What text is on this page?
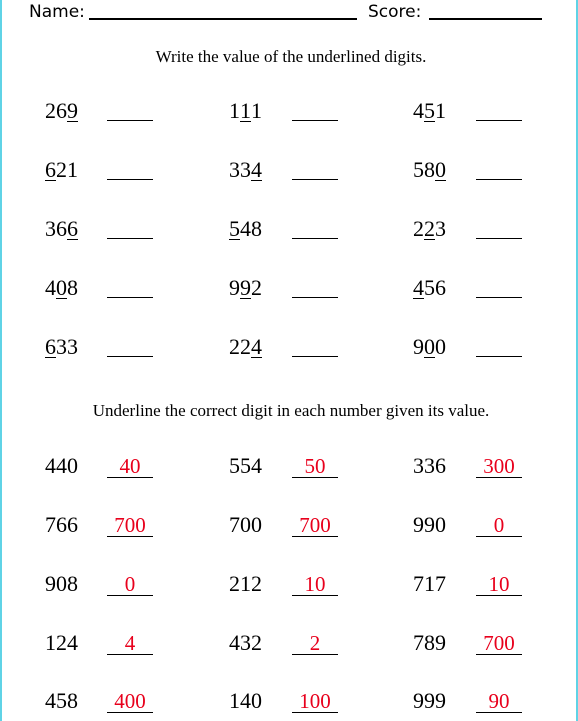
Name:	Score:
Write the value of the underlined digits.
269	111	451
621	334	580
366	548	223
408	992	456
633	224	900
Underline the correct digit in each number given its value.
440	40	554	50	336	300
766	700	700	700	990	0
908	0	212	10	717	10
124	4	432	2	789	700
458	400	140	100	999	90
